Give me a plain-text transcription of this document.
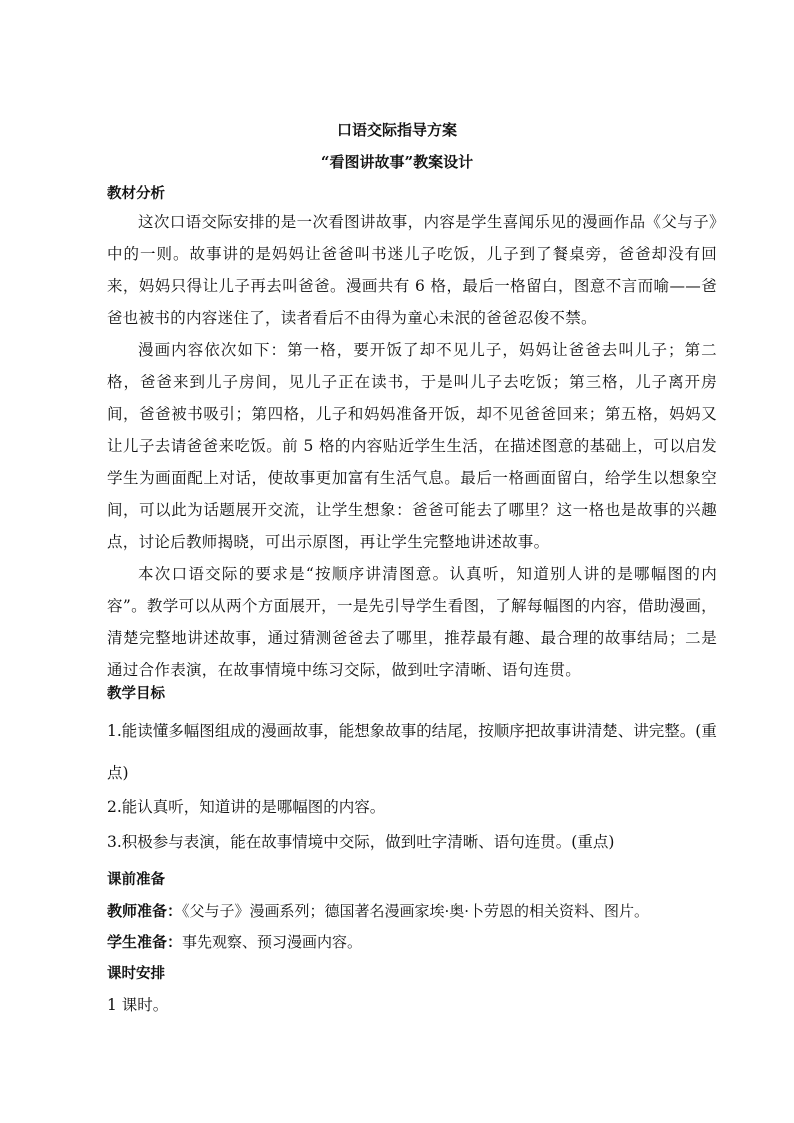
口语交际指导方案
“看图讲故事”教案设计
教材分析

这次口语交际安排的是一次看图讲故事，内容是学生喜闻乐见的漫画作品《父与子》中的一则。故事讲的是妈妈让爸爸叫书迷儿子吃饭，儿子到了餐桌旁，爸爸却没有回来，妈妈只得让儿子再去叫爸爸。漫画共有 6 格，最后一格留白，图意不言而喻——爸爸也被书的内容迷住了，读者看后不由得为童心未泯的爸爸忍俊不禁。

漫画内容依次如下：第一格，要开饭了却不见儿子，妈妈让爸爸去叫儿子；第二格，爸爸来到儿子房间，见儿子正在读书，于是叫儿子去吃饭；第三格，儿子离开房间，爸爸被书吸引；第四格，儿子和妈妈准备开饭，却不见爸爸回来；第五格，妈妈又让儿子去请爸爸来吃饭。前 5 格的内容贴近学生生活，在描述图意的基础上，可以启发学生为画面配上对话，使故事更加富有生活气息。最后一格画面留白，给学生以想象空间，可以此为话题展开交流，让学生想象：爸爸可能去了哪里？这一格也是故事的兴趣点，讨论后教师揭晓，可出示原图，再让学生完整地讲述故事。

本次口语交际的要求是“按顺序讲清图意。认真听，知道别人讲的是哪幅图的内容”。教学可以从两个方面展开，一是先引导学生看图，了解每幅图的内容，借助漫画，清楚完整地讲述故事，通过猜测爸爸去了哪里，推荐最有趣、最合理的故事结局；二是通过合作表演，在故事情境中练习交际，做到吐字清晰、语句连贯。

教学目标

1.能读懂多幅图组成的漫画故事，能想象故事的结尾，按顺序把故事讲清楚、讲完整。(重点)

2.能认真听，知道讲的是哪幅图的内容。
3.积极参与表演，能在故事情境中交际，做到吐字清晰、语句连贯。(重点)
课前准备
教师准备：《父与子》漫画系列；德国著名漫画家埃·奥·卜劳恩的相关资料、图片。
学生准备：事先观察、预习漫画内容。
课时安排
1 课时。
